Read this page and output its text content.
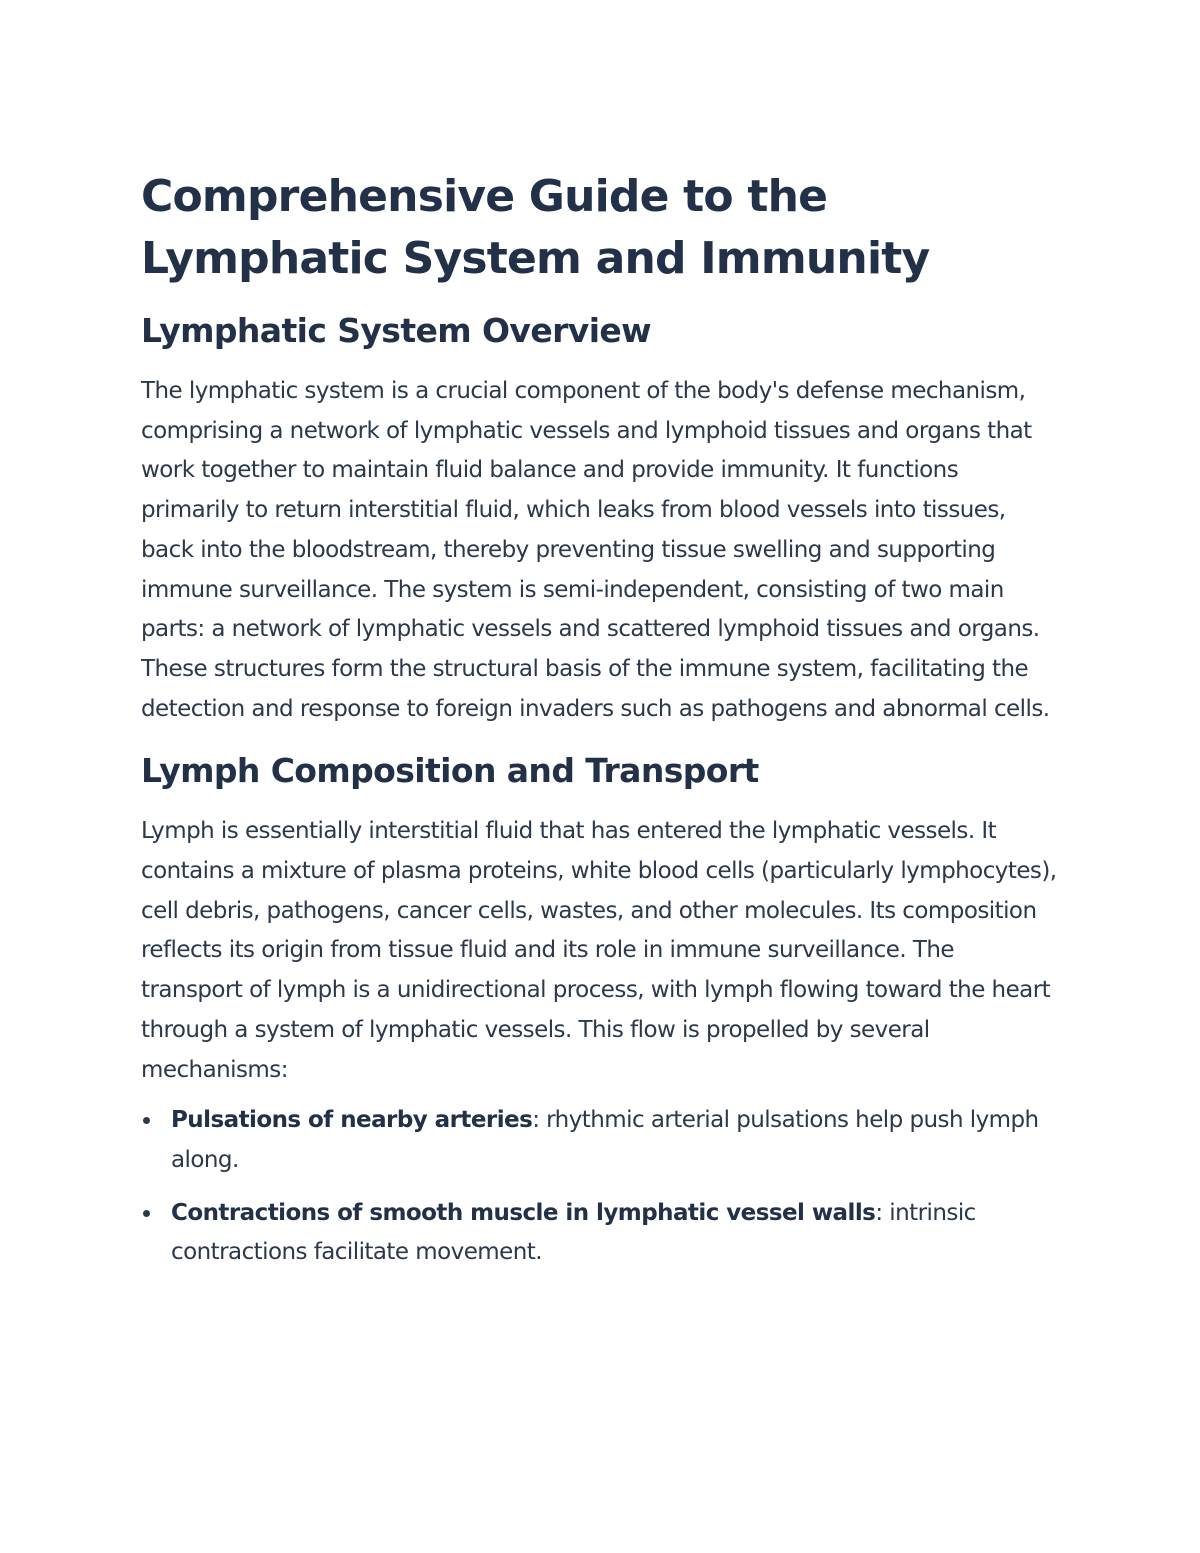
Comprehensive Guide to the Lymphatic System and Immunity
Lymphatic System Overview

The lymphatic system is a crucial component of the body's defense mechanism, comprising a network of lymphatic vessels and lymphoid tissues and organs that work together to maintain fluid balance and provide immunity. It functions primarily to return interstitial fluid, which leaks from blood vessels into tissues, back into the bloodstream, thereby preventing tissue swelling and supporting immune surveillance. The system is semi-independent, consisting of two main parts: a network of lymphatic vessels and scattered lymphoid tissues and organs. These structures form the structural basis of the immune system, facilitating the detection and response to foreign invaders such as pathogens and abnormal cells.

Lymph Composition and Transport

Lymph is essentially interstitial fluid that has entered the lymphatic vessels. It contains a mixture of plasma proteins, white blood cells (particularly lymphocytes), cell debris, pathogens, cancer cells, wastes, and other molecules. Its composition reflects its origin from tissue fluid and its role in immune surveillance. The transport of lymph is a unidirectional process, with lymph flowing toward the heart through a system of lymphatic vessels. This flow is propelled by several mechanisms:

Pulsations of nearby arteries: rhythmic arterial pulsations help push lymph along.
Contractions of smooth muscle in lymphatic vessel walls: intrinsic contractions facilitate movement.
